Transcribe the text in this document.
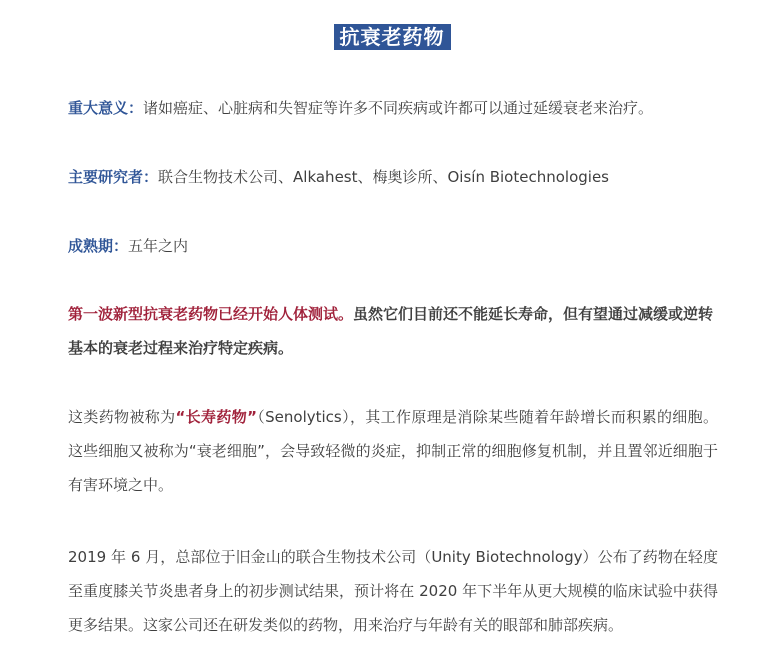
抗衰老药物
重大意义：诸如癌症、心脏病和失智症等许多不同疾病或许都可以通过延缓衰老来治疗。
主要研究者：联合生物技术公司、Alkahest、梅奥诊所、Oisín Biotechnologies
成熟期：五年之内
第一波新型抗衰老药物已经开始人体测试。虽然它们目前还不能延长寿命，但有望通过减缓或逆转基本的衰老过程来治疗特定疾病。
这类药物被称为“长寿药物”（Senolytics），其工作原理是消除某些随着年龄增长而积累的细胞。这些细胞又被称为“衰老细胞”，会导致轻微的炎症，抑制正常的细胞修复机制，并且置邻近细胞于有害环境之中。
2019 年 6 月，总部位于旧金山的联合生物技术公司（Unity Biotechnology）公布了药物在轻度至重度膝关节炎患者身上的初步测试结果，预计将在 2020 年下半年从更大规模的临床试验中获得更多结果。这家公司还在研发类似的药物，用来治疗与年龄有关的眼部和肺部疾病。
